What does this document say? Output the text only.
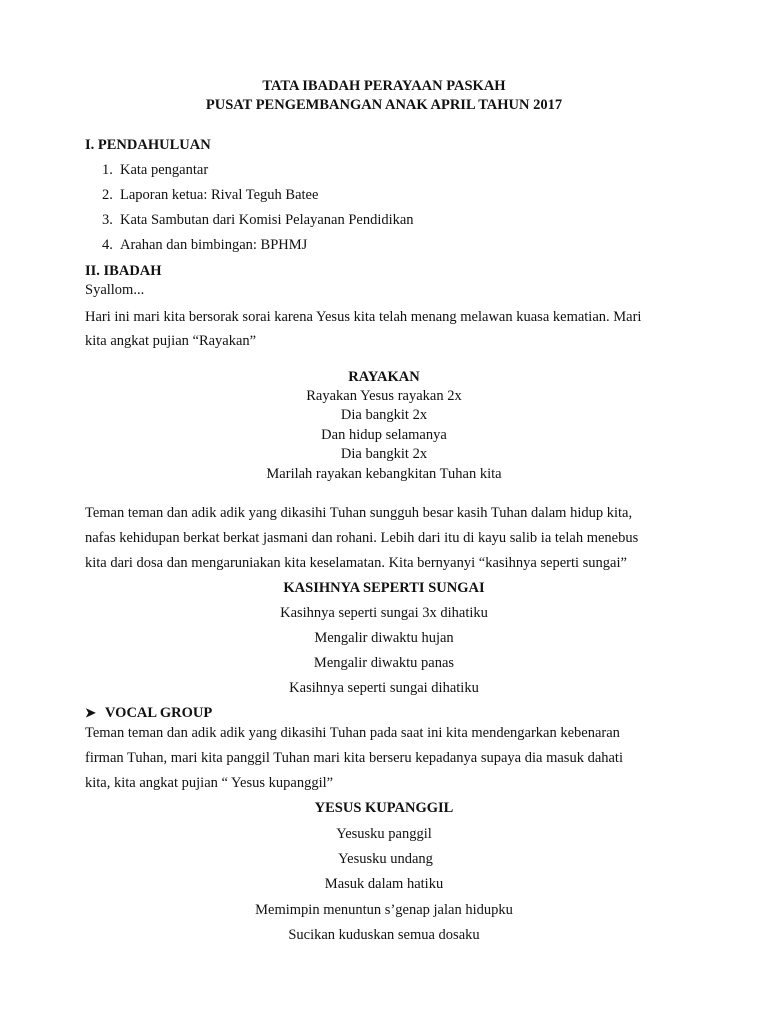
TATA IBADAH PERAYAAN PASKAH
PUSAT PENGEMBANGAN ANAK APRIL TAHUN 2017
I. PENDAHULUAN
1. Kata pengantar
2. Laporan ketua: Rival Teguh Batee
3. Kata Sambutan dari Komisi Pelayanan Pendidikan
4. Arahan dan bimbingan: BPHMJ
II. IBADAH
Syallom...
Hari ini mari kita bersorak sorai karena Yesus kita telah menang melawan kuasa kematian. Mari
kita angkat pujian “Rayakan”
RAYAKAN
Rayakan Yesus rayakan 2x
Dia bangkit 2x
Dan hidup selamanya
Dia bangkit 2x
Marilah rayakan kebangkitan Tuhan kita
Teman teman dan adik adik yang dikasihi Tuhan sungguh besar kasih Tuhan dalam hidup kita,
nafas kehidupan berkat berkat jasmani dan rohani. Lebih dari itu di kayu salib ia telah menebus
kita dari dosa dan mengaruniakan kita keselamatan. Kita bernyanyi “kasihnya seperti sungai”
KASIHNYA SEPERTI SUNGAI
Kasihnya seperti sungai 3x dihatiku
Mengalir diwaktu hujan
Mengalir diwaktu panas
Kasihnya seperti sungai dihatiku
➤ VOCAL GROUP
Teman teman dan adik adik yang dikasihi Tuhan pada saat ini kita mendengarkan kebenaran
firman Tuhan, mari kita panggil Tuhan mari kita berseru kepadanya supaya dia masuk dahati
kita, kita angkat pujian “ Yesus kupanggil”
YESUS KUPANGGIL
Yesusku panggil
Yesusku undang
Masuk dalam hatiku
Memimpin menuntun s’genap jalan hidupku
Sucikan kuduskan semua dosaku
